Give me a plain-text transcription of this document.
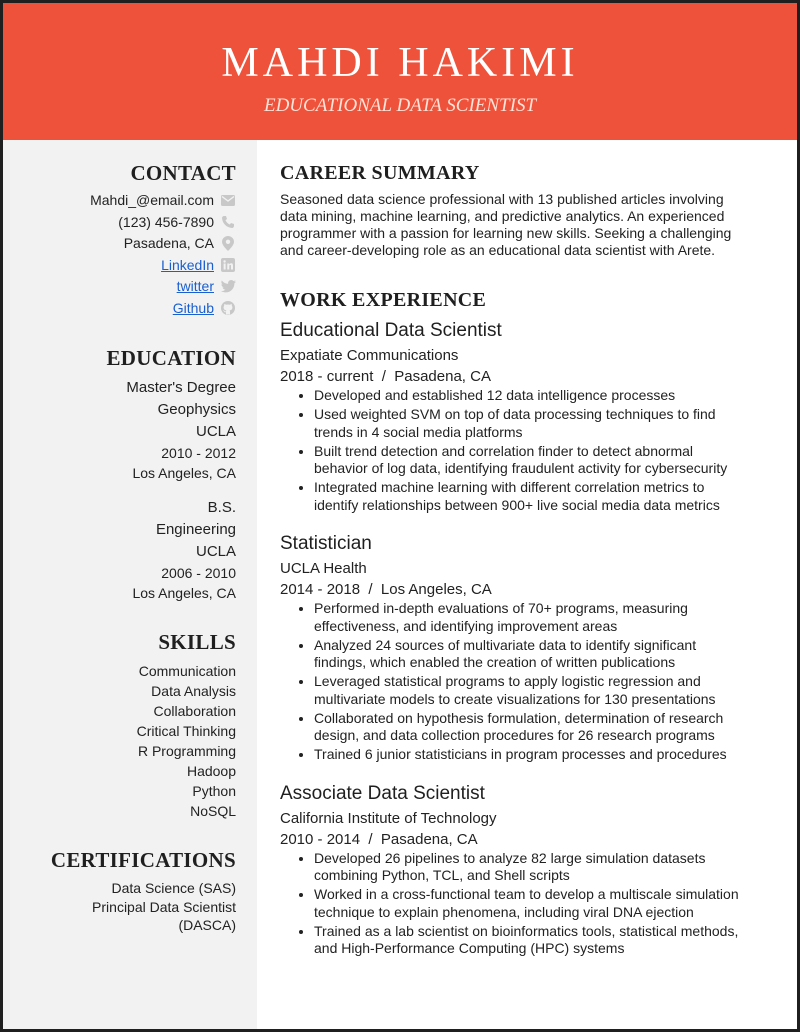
MAHDI HAKIMI
EDUCATIONAL DATA SCIENTIST
CONTACT
Mahdi_@email.com
(123) 456-7890
Pasadena, CA
LinkedIn
twitter
Github
EDUCATION
Master's Degree
Geophysics
UCLA
2010 - 2012
Los Angeles, CA
B.S.
Engineering
UCLA
2006 - 2010
Los Angeles, CA
SKILLS
Communication
Data Analysis
Collaboration
Critical Thinking
R Programming
Hadoop
Python
NoSQL
CERTIFICATIONS
Data Science (SAS)
Principal Data Scientist
(DASCA)
CAREER SUMMARY
Seasoned data science professional with 13 published articles involving data mining, machine learning, and predictive analytics. An experienced programmer with a passion for learning new skills. Seeking a challenging and career-developing role as an educational data scientist with Arete.
WORK EXPERIENCE
Educational Data Scientist
Expatiate Communications
2018 - current  /  Pasadena, CA
• Developed and established 12 data intelligence processes
• Used weighted SVM on top of data processing techniques to find trends in 4 social media platforms
• Built trend detection and correlation finder to detect abnormal behavior of log data, identifying fraudulent activity for cybersecurity
• Integrated machine learning with different correlation metrics to identify relationships between 900+ live social media data metrics
Statistician
UCLA Health
2014 - 2018  /  Los Angeles, CA
• Performed in-depth evaluations of 70+ programs, measuring effectiveness, and identifying improvement areas
• Analyzed 24 sources of multivariate data to identify significant findings, which enabled the creation of written publications
• Leveraged statistical programs to apply logistic regression and multivariate models to create visualizations for 130 presentations
• Collaborated on hypothesis formulation, determination of research design, and data collection procedures for 26 research programs
• Trained 6 junior statisticians in program processes and procedures
Associate Data Scientist
California Institute of Technology
2010 - 2014  /  Pasadena, CA
• Developed 26 pipelines to analyze 82 large simulation datasets combining Python, TCL, and Shell scripts
• Worked in a cross-functional team to develop a multiscale simulation technique to explain phenomena, including viral DNA ejection
• Trained as a lab scientist on bioinformatics tools, statistical methods, and High-Performance Computing (HPC) systems
